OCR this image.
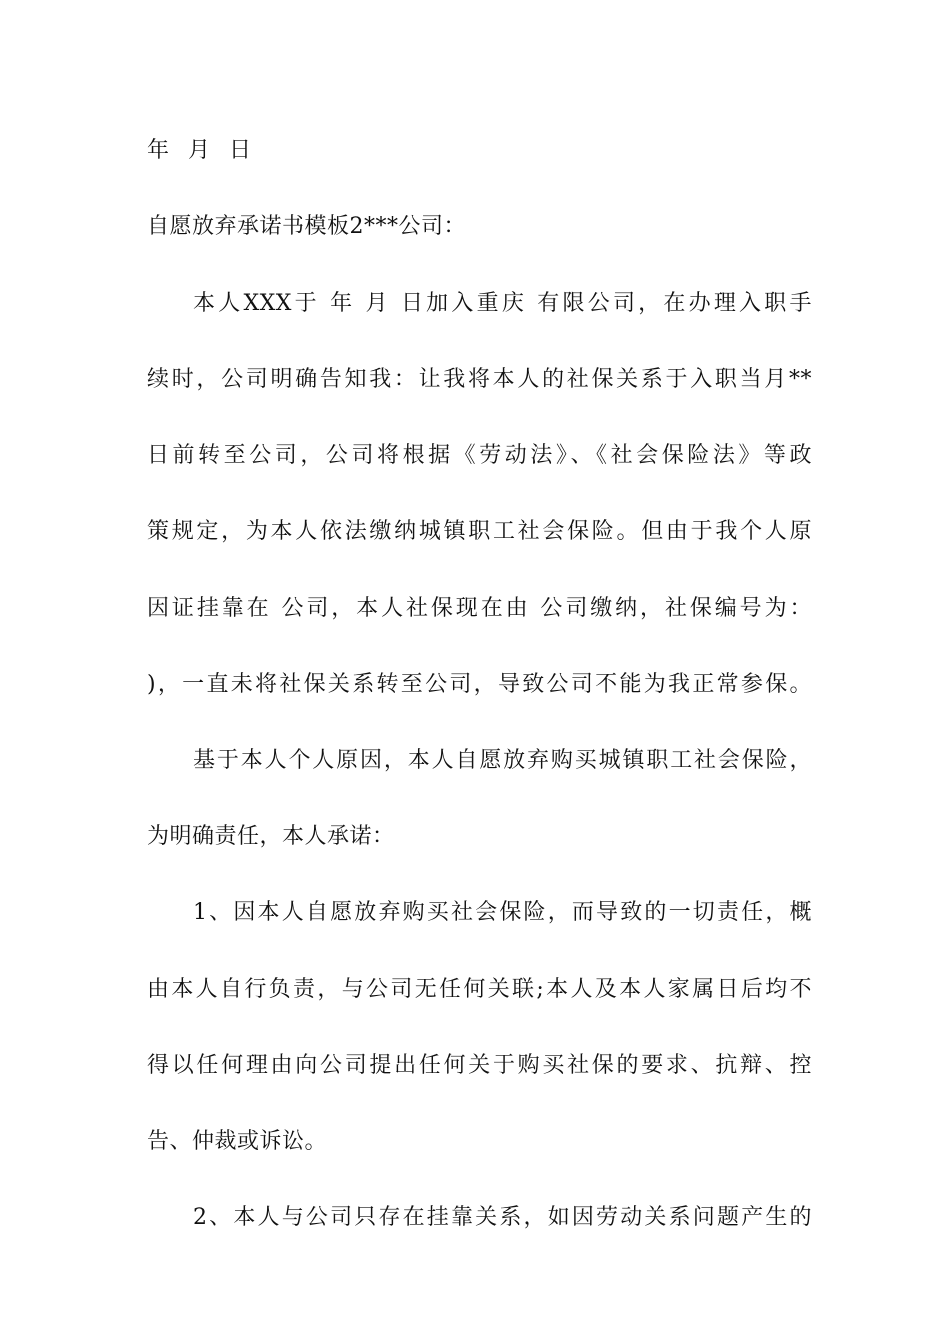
年 月 日
自愿放弃承诺书模板2***公司：
本人XXX于 年 月 日加入重庆 有限公司，在办理入职手
续时，公司明确告知我：让我将本人的社保关系于入职当月**
日前转至公司，公司将根据《劳动法》、《社会保险法》等政
策规定，为本人依法缴纳城镇职工社会保险。但由于我个人原
因证挂靠在 公司，本人社保现在由 公司缴纳，社保编号为：
)，一直未将社保关系转至公司，导致公司不能为我正常参保。
基于本人个人原因，本人自愿放弃购买城镇职工社会保险，
为明确责任，本人承诺：
1、因本人自愿放弃购买社会保险，而导致的一切责任，概
由本人自行负责，与公司无任何关联;本人及本人家属日后均不
得以任何理由向公司提出任何关于购买社保的要求、抗辩、控
告、仲裁或诉讼。
2、本人与公司只存在挂靠关系，如因劳动关系问题产生的
